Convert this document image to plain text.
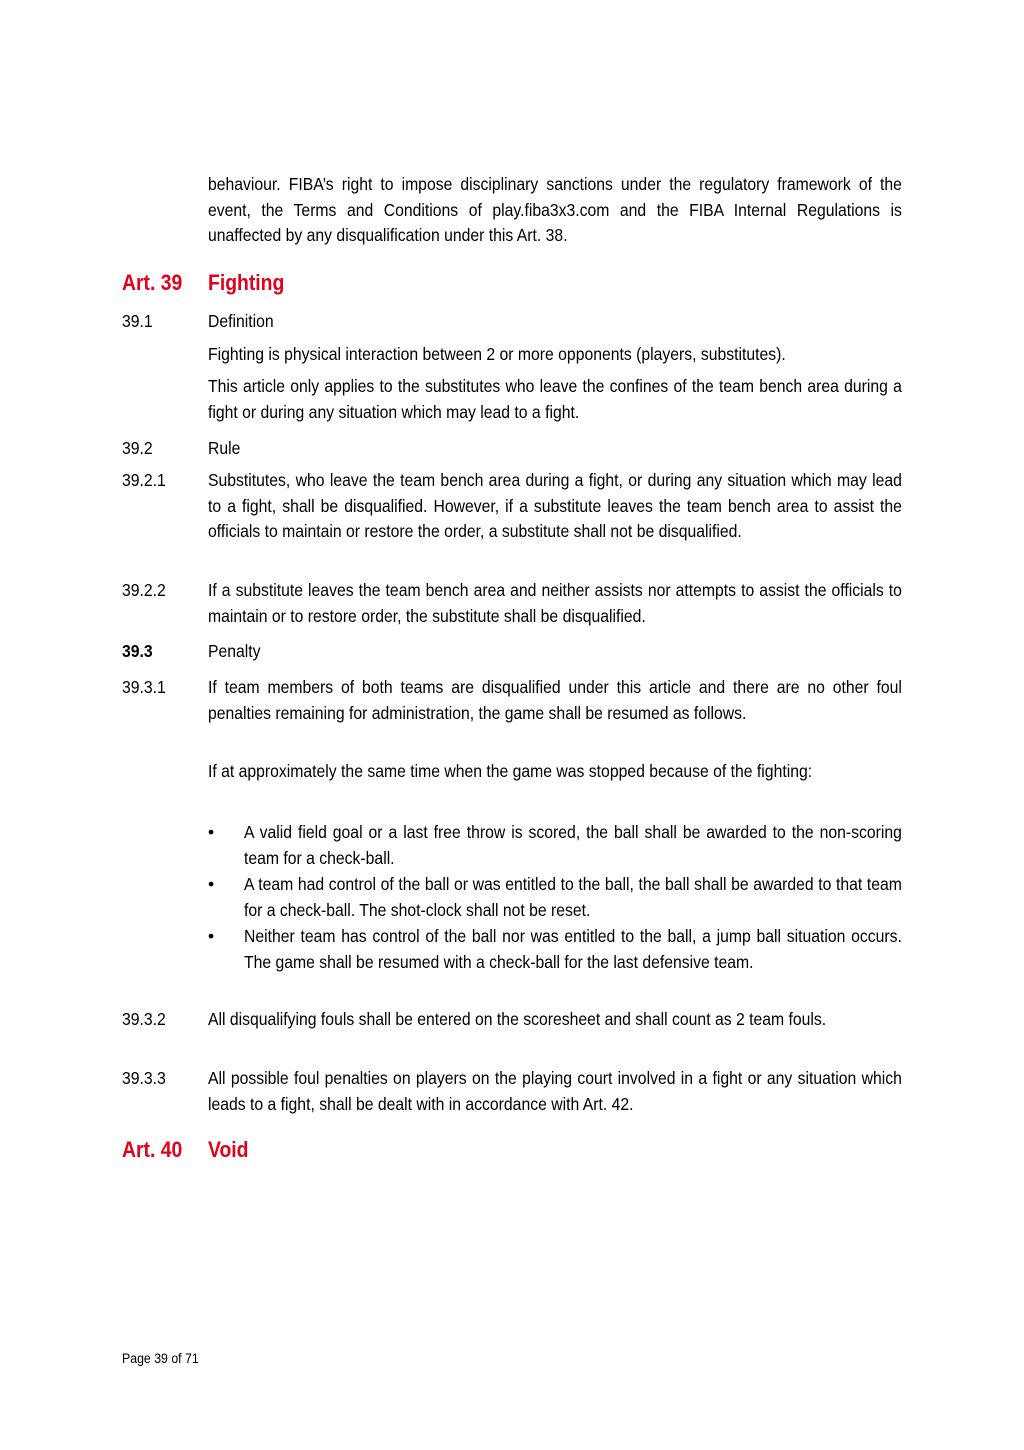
behaviour. FIBA’s right to impose disciplinary sanctions under the regulatory framework of the event, the Terms and Conditions of play.fiba3x3.com and the FIBA Internal Regulations is unaffected by any disqualification under this Art. 38.
Art. 39 Fighting
39.1	Definition
Fighting is physical interaction between 2 or more opponents (players, substitutes).
This article only applies to the substitutes who leave the confines of the team bench area during a fight or during any situation which may lead to a fight.
39.2	Rule
39.2.1 Substitutes, who leave the team bench area during a fight, or during any situation which may lead to a fight, shall be disqualified. However, if a substitute leaves the team bench area to assist the officials to maintain or restore the order, a substitute shall not be disqualified.
39.2.2 If a substitute leaves the team bench area and neither assists nor attempts to assist the officials to maintain or to restore order, the substitute shall be disqualified.
39.3	Penalty
39.3.1 If team members of both teams are disqualified under this article and there are no other foul penalties remaining for administration, the game shall be resumed as follows.
If at approximately the same time when the game was stopped because of the fighting:
•	A valid field goal or a last free throw is scored, the ball shall be awarded to the non-scoring team for a check-ball.
•	A team had control of the ball or was entitled to the ball, the ball shall be awarded to that team for a check-ball. The shot-clock shall not be reset.
•	Neither team has control of the ball nor was entitled to the ball, a jump ball situation occurs. The game shall be resumed with a check-ball for the last defensive team.
39.3.2 All disqualifying fouls shall be entered on the scoresheet and shall count as 2 team fouls.
39.3.3 All possible foul penalties on players on the playing court involved in a fight or any situation which leads to a fight, shall be dealt with in accordance with Art. 42.
Art. 40 Void
Page 39 of 71
